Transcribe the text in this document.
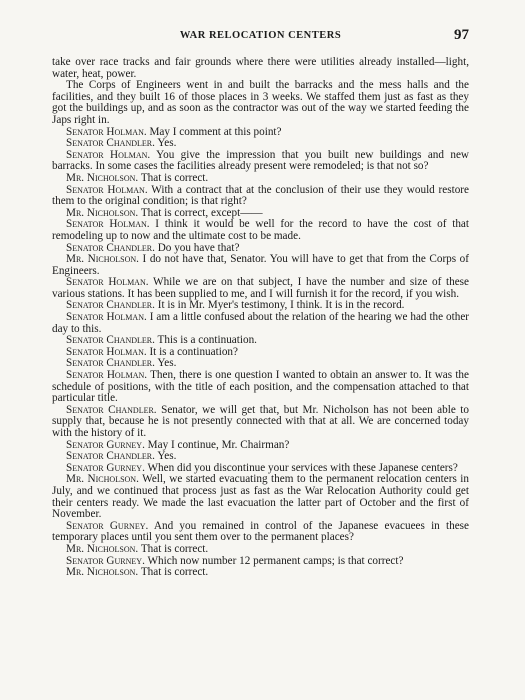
WAR RELOCATION CENTERS	97

take over race tracks and fair grounds where there were utilities already installed—light, water, heat, power.

The Corps of Engineers went in and built the barracks and the mess halls and the facilities, and they built 16 of those places in 3 weeks. We staffed them just as fast as they got the buildings up, and as soon as the contractor was out of the way we started feeding the Japs right in.

Senator Holman. May I comment at this point?

Senator Chandler. Yes.

Senator Holman. You give the impression that you built new buildings and new barracks. In some cases the facilities already present were remodeled; is that not so?

Mr. Nicholson. That is correct.

Senator Holman. With a contract that at the conclusion of their use they would restore them to the original condition; is that right?

Mr. Nicholson. That is correct, except——

Senator Holman. I think it would be well for the record to have the cost of that remodeling up to now and the ultimate cost to be made.

Senator Chandler. Do you have that?

Mr. Nicholson. I do not have that, Senator. You will have to get that from the Corps of Engineers.

Senator Holman. While we are on that subject, I have the number and size of these various stations. It has been supplied to me, and I will furnish it for the record, if you wish.

Senator Chandler. It is in Mr. Myer's testimony, I think. It is in the record.

Senator Holman. I am a little confused about the relation of the hearing we had the other day to this.

Senator Chandler. This is a continuation.

Senator Holman. It is a continuation?

Senator Chandler. Yes.

Senator Holman. Then, there is one question I wanted to obtain an answer to. It was the schedule of positions, with the title of each position, and the compensation attached to that particular title.

Senator Chandler. Senator, we will get that, but Mr. Nicholson has not been able to supply that, because he is not presently connected with that at all. We are concerned today with the history of it.

Senator Gurney. May I continue, Mr. Chairman?

Senator Chandler. Yes.

Senator Gurney. When did you discontinue your services with these Japanese centers?

Mr. Nicholson. Well, we started evacuating them to the permanent relocation centers in July, and we continued that process just as fast as the War Relocation Authority could get their centers ready. We made the last evacuation the latter part of October and the first of November.

Senator Gurney. And you remained in control of the Japanese evacuees in these temporary places until you sent them over to the permanent places?

Mr. Nicholson. That is correct.

Senator Gurney. Which now number 12 permanent camps; is that correct?

Mr. Nicholson. That is correct.
